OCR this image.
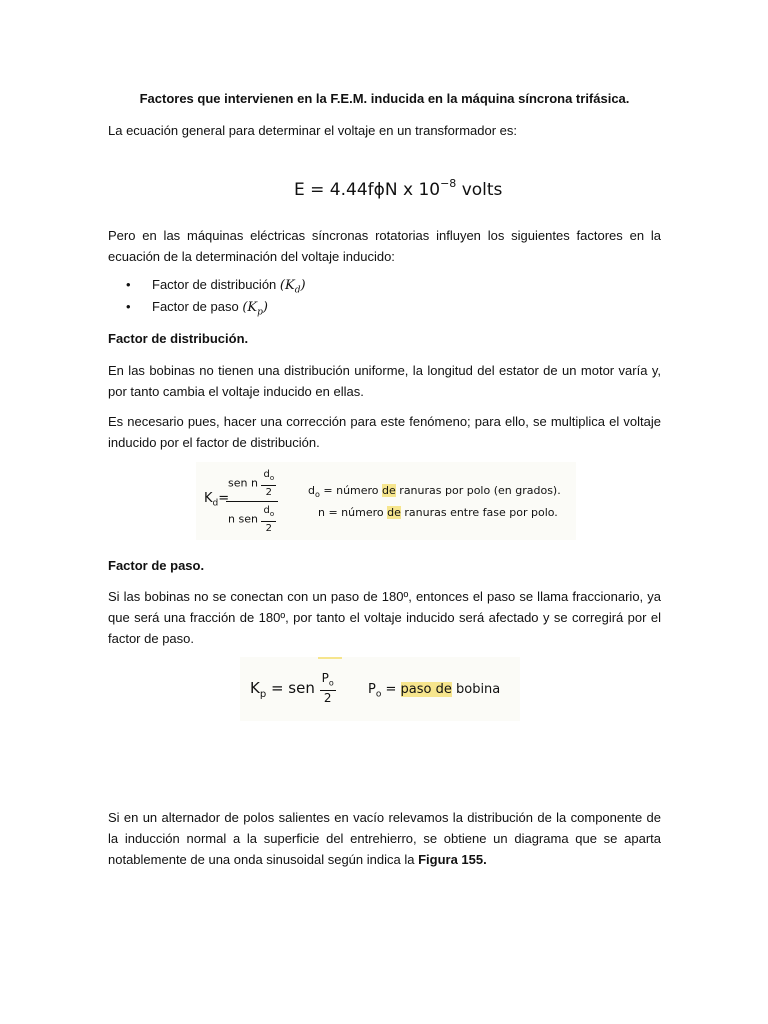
Factores que intervienen en la F.E.M. inducida en la máquina síncrona trifásica.

La ecuación general para determinar el voltaje en un transformador es:

E = 4.44fϕN x $10^{-8}$ volts

Pero en las máquinas eléctricas síncronas rotatorias influyen los siguientes factores en la ecuación de la determinación del voltaje inducido:

• Factor de distribución $(K_d)$
• Factor de paso $(K_p)$

Factor de distribución.

En las bobinas no tienen una distribución uniforme, la longitud del estator de un motor varía y, por tanto cambia el voltaje inducido en ellas.

Es necesario pues, hacer una corrección para este fenómeno; para ello, se multiplica el voltaje inducido por el factor de distribución.

$K_d=$
$\frac{sen n \frac{d_o}{2}}{n sen \frac{d_o}{2}}$	$d_o$ = número de ranuras por polo (en grados).
n = número de ranuras entre fase por polo.

Factor de paso.

Si las bobinas no se conectan con un paso de 180º, entonces el paso se llama fraccionario, ya que será una fracción de 180º, por tanto el voltaje inducido será afectado y se corregirá por el factor de paso.

$K_p$ = sen $\frac{P_o}{2} P_o$ = paso de bobina

Si en un alternador de polos salientes en vacío relevamos la distribución de la componente de la inducción normal a la superficie del entrehierro, se obtiene un diagrama que se aparta notablemente de una onda sinusoidal según indica la Figura 155.
